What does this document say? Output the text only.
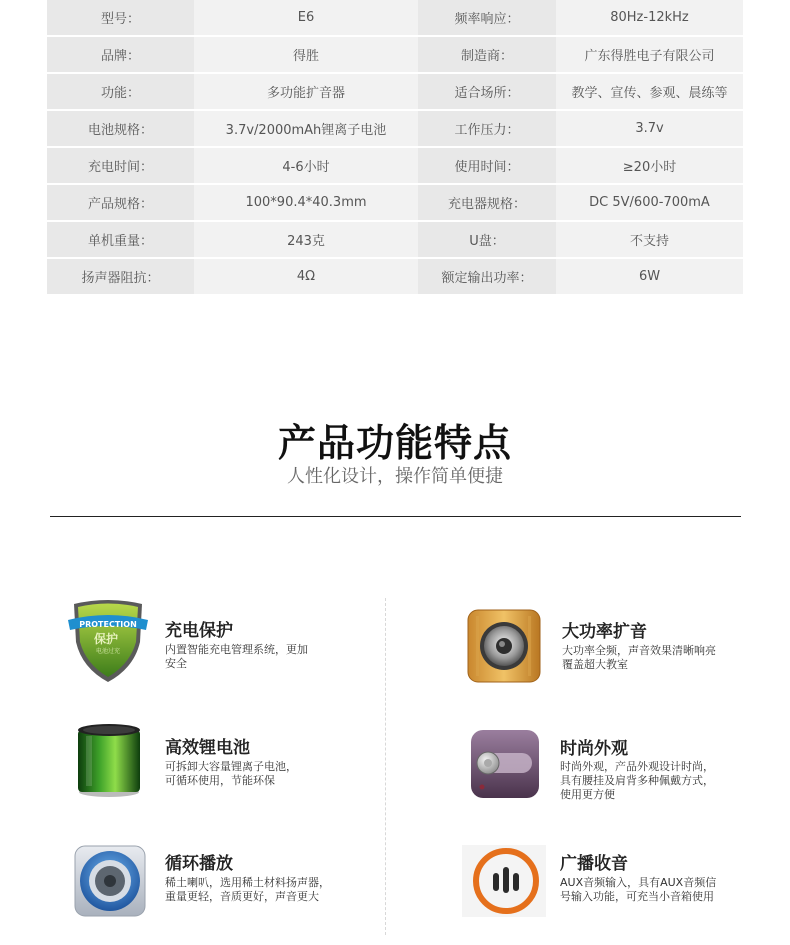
型号：	E6	频率响应：	80Hz-12kHz
品牌：	得胜	制造商：	广东得胜电子有限公司
功能：	多功能扩音器	适合场所：	教学、宣传、参观、晨练等
电池规格：	3.7v/2000mAh锂离子电池	工作压力：	3.7v
充电时间：	4-6小时	使用时间：	≥20小时
产品规格：	100*90.4*40.3mm	充电器规格：	DC 5V/600-700mA
单机重量：	243克	U盘：	不支持
扬声器阻抗：	4Ω	额定输出功率：	6W
产品功能特点
人性化设计，操作简单便捷
PROTECTION
保护
电池过充
充电保护

内置智能充电管理系统，更加安全

大功率扩音

大功率全频，声音效果清晰响亮覆盖超大教室

高效锂电池

可拆卸大容量锂离子电池，可循环使用，节能环保

时尚外观

时尚外观，产品外观设计时尚，具有腰挂及肩背多种佩戴方式，使用更方便

循环播放

稀土喇叭，选用稀土材料扬声器，重量更轻，音质更好，声音更大

广播收音

AUX音频输入，具有AUX音频信号输入功能，可充当小音箱使用
